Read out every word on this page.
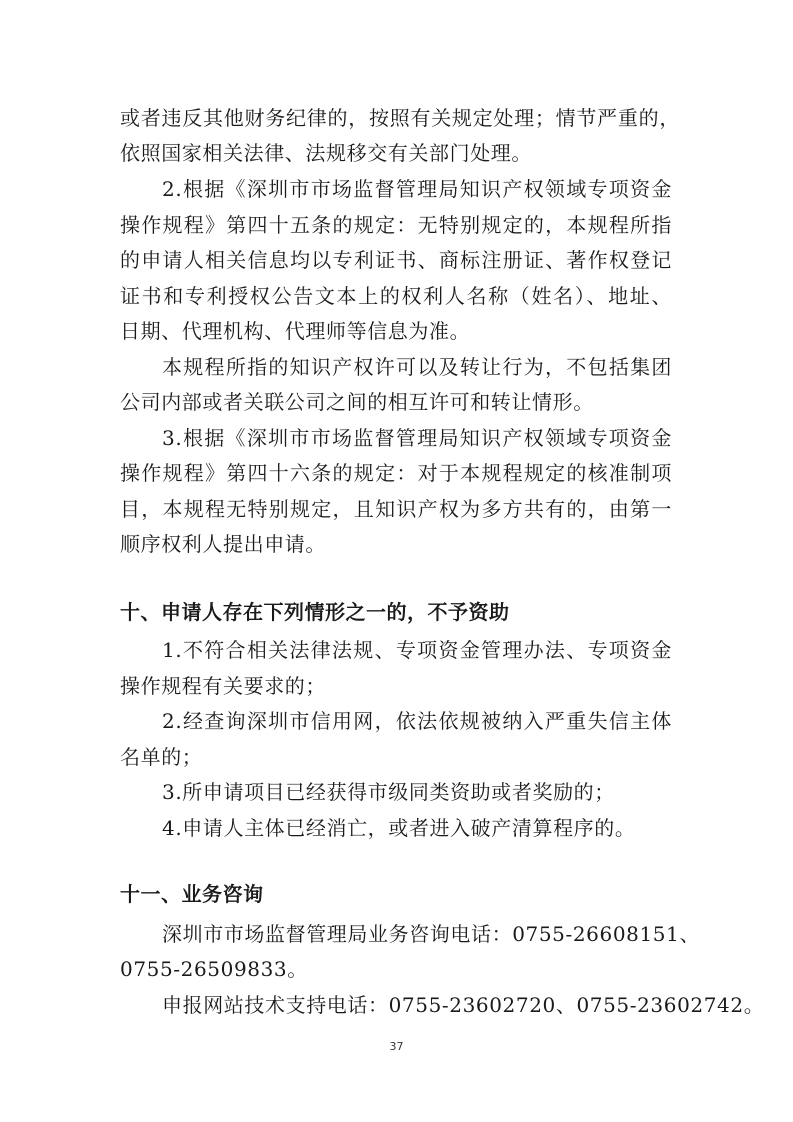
或者违反其他财务纪律的，按照有关规定处理；情节严重的，
依照国家相关法律、法规移交有关部门处理。
2.根据《深圳市市场监督管理局知识产权领域专项资金
操作规程》第四十五条的规定：无特别规定的，本规程所指
的申请人相关信息均以专利证书、商标注册证、著作权登记
证书和专利授权公告文本上的权利人名称（姓名）、地址、
日期、代理机构、代理师等信息为准。
本规程所指的知识产权许可以及转让行为，不包括集团
公司内部或者关联公司之间的相互许可和转让情形。
3.根据《深圳市市场监督管理局知识产权领域专项资金
操作规程》第四十六条的规定：对于本规程规定的核准制项
目，本规程无特别规定，且知识产权为多方共有的，由第一
顺序权利人提出申请。
十、申请人存在下列情形之一的，不予资助
1.不符合相关法律法规、专项资金管理办法、专项资金
操作规程有关要求的；
2.经查询深圳市信用网，依法依规被纳入严重失信主体
名单的；
3.所申请项目已经获得市级同类资助或者奖励的；
4.申请人主体已经消亡，或者进入破产清算程序的。
十一、业务咨询
深圳市市场监督管理局业务咨询电话：0755-26608151、
0755-26509833。
申报网站技术支持电话：0755-23602720、0755-23602742。
37
